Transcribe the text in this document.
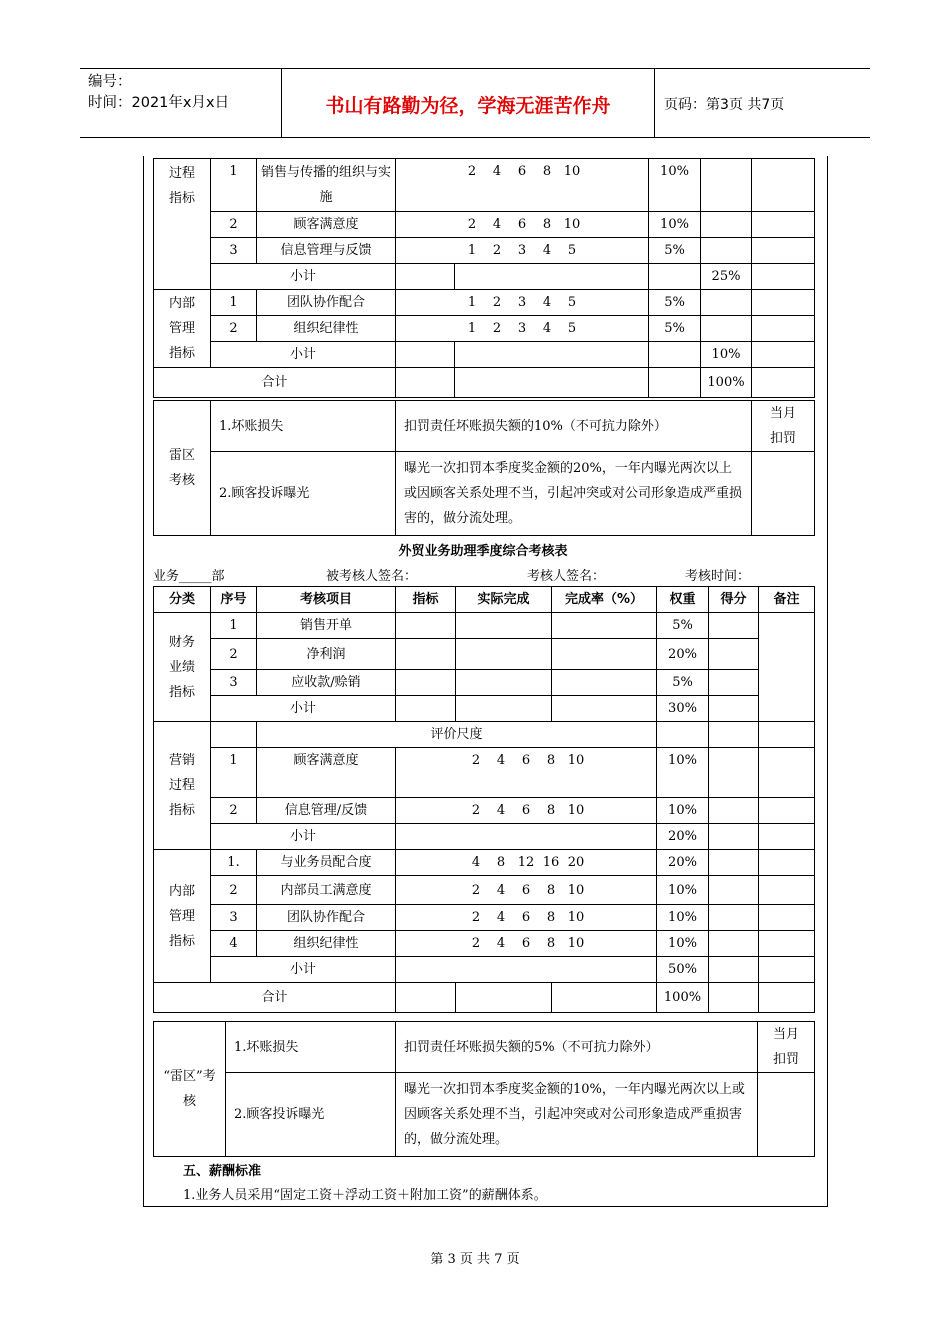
编号：
时间：2021年x月x日	书山有路勤为径，学海无涯苦作舟	页码：第3页 共7页
过程指标	1	销售与传播的组织与实施	2 4 6 8 10		10%			
	2	顾客满意度	2 4 6 8 10		10%			
	3	信息管理与反馈	1 2 3 4 5		5%			
	小计					25%		
内部管理指标	1	团队协作配合	1 2 3 4 5		5%			
	2	组织纪律性	1 2 3 4 5		5%			
	小计					10%		
合计						100%		
雷区考核	1.坏账损失	扣罚责任坏账损失额的10%（不可抗力除外）	当月扣罚
	2.顾客投诉曝光	曝光一次扣罚本季度奖金额的20%，一年内曝光两次以上或因顾客关系处理不当，引起冲突或对公司形象造成严重损害的，做分流处理。	
外贸业务助理季度综合考核表
业务_____部	被考核人签名：	考核人签名：	考核时间：
分类	序号	考核项目	指标	实际完成	完成率（%）	权重	得分	备注
财务业绩指标	1	销售开单				5%		
	2	净利润				20%		
	3	应收款/赊销				5%		
	小计					30%		
营销过程指标		评价尺度						
	1	顾客满意度	2 4 6 8 10			10%		
	2	信息管理/反馈	2 4 6 8 10			10%		
	小计					20%		
内部管理指标	1.	与业务员配合度	4 8 12 16 20			20%		
	2	内部员工满意度	2 4 6 8 10			10%		
	3	团队协作配合	2 4 6 8 10			10%		
	4	组织纪律性	2 4 6 8 10			10%		
	小计					50%		
合计						100%		
“雷区”考核	1.坏账损失	扣罚责任坏账损失额的5%（不可抗力除外）	当月扣罚
	2.顾客投诉曝光	曝光一次扣罚本季度奖金额的10%，一年内曝光两次以上或因顾客关系处理不当，引起冲突或对公司形象造成严重损害的，做分流处理。	
五、薪酬标准
1.业务人员采用“固定工资＋浮动工资＋附加工资”的薪酬体系。
第 3 页 共 7 页
